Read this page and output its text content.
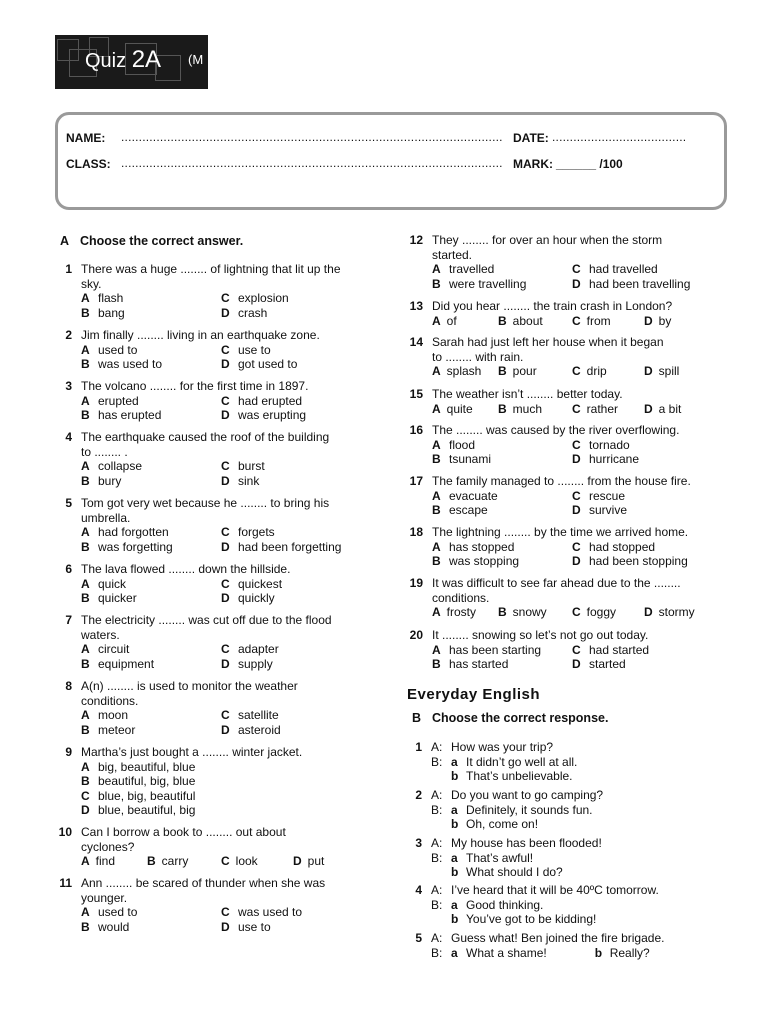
Quiz 2A (M
NAME: ............................................................................................................ DATE: ......................................
CLASS: ............................................................................................................ MARK: ______ /100
A Choose the correct answer.
1 There was a huge ........ of lightning that lit up the
sky.
A flash	C explosion
B bang	D crash
2 Jim finally ........ living in an earthquake zone.
A used to	C use to
B was used to	D got used to
3 The volcano ........ for the first time in 1897.
A erupted	C had erupted
B has erupted	D was erupting
4 The earthquake caused the roof of the building
to ........ .
A collapse	C burst
B bury	D sink
5 Tom got very wet because he ........ to bring his
umbrella.
A had forgotten	C forgets
B was forgetting	D had been forgetting
6 The lava flowed ........ down the hillside.
A quick	C quickest
B quicker	D quickly
7 The electricity ........ was cut off due to the flood
waters.
A circuit	C adapter
B equipment	D supply
8 A(n) ........ is used to monitor the weather
conditions.
A moon	C satellite
B meteor	D asteroid
9 Martha’s just bought a ........ winter jacket.
A big, beautiful, blue
B beautiful, big, blue
C blue, big, beautiful
D blue, beautiful, big
10 Can I borrow a book to ........ out about
cyclones?
A find	B carry	C look	D put
11 Ann ........ be scared of thunder when she was
younger.
A used to	C was used to
B would	D use to
12 They ........ for over an hour when the storm
started.
A travelled	C had travelled
B were travelling	D had been travelling
13 Did you hear ........ the train crash in London?
A of	B about C from	D by
14 Sarah had just left her house when it began
to ........ with rain.
A splash B pour	C drip	D spill
15 The weather isn’t ........ better today.
A quite B much C rather D a bit
16 The ........ was caused by the river overflowing.
A flood	C tornado
B tsunami	D hurricane
17 The family managed to ........ from the house fire.
A evacuate	C rescue
B escape	D survive
18 The lightning ........ by the time we arrived home.
A has stopped	C had stopped
B was stopping	D had been stopping
19 It was difficult to see far ahead due to the ........
conditions.
A frosty B snowy C foggy D stormy
20 It ........ snowing so let’s not go out today.
A has been starting	C had started
B has started	D started
Everyday English
B Choose the correct response.
1 A: How was your trip?
B: a It didn’t go well at all.
b That’s unbelievable.
2 A: Do you want to go camping?
B: a Definitely, it sounds fun.
b Oh, come on!
3 A: My house has been flooded!
B: a That’s awful!
b What should I do?
4 A: I’ve heard that it will be 40ºC tomorrow.
B: a Good thinking.
b You’ve got to be kidding!
5 A: Guess what! Ben joined the fire brigade.
B: a What a shame!	b Really?
